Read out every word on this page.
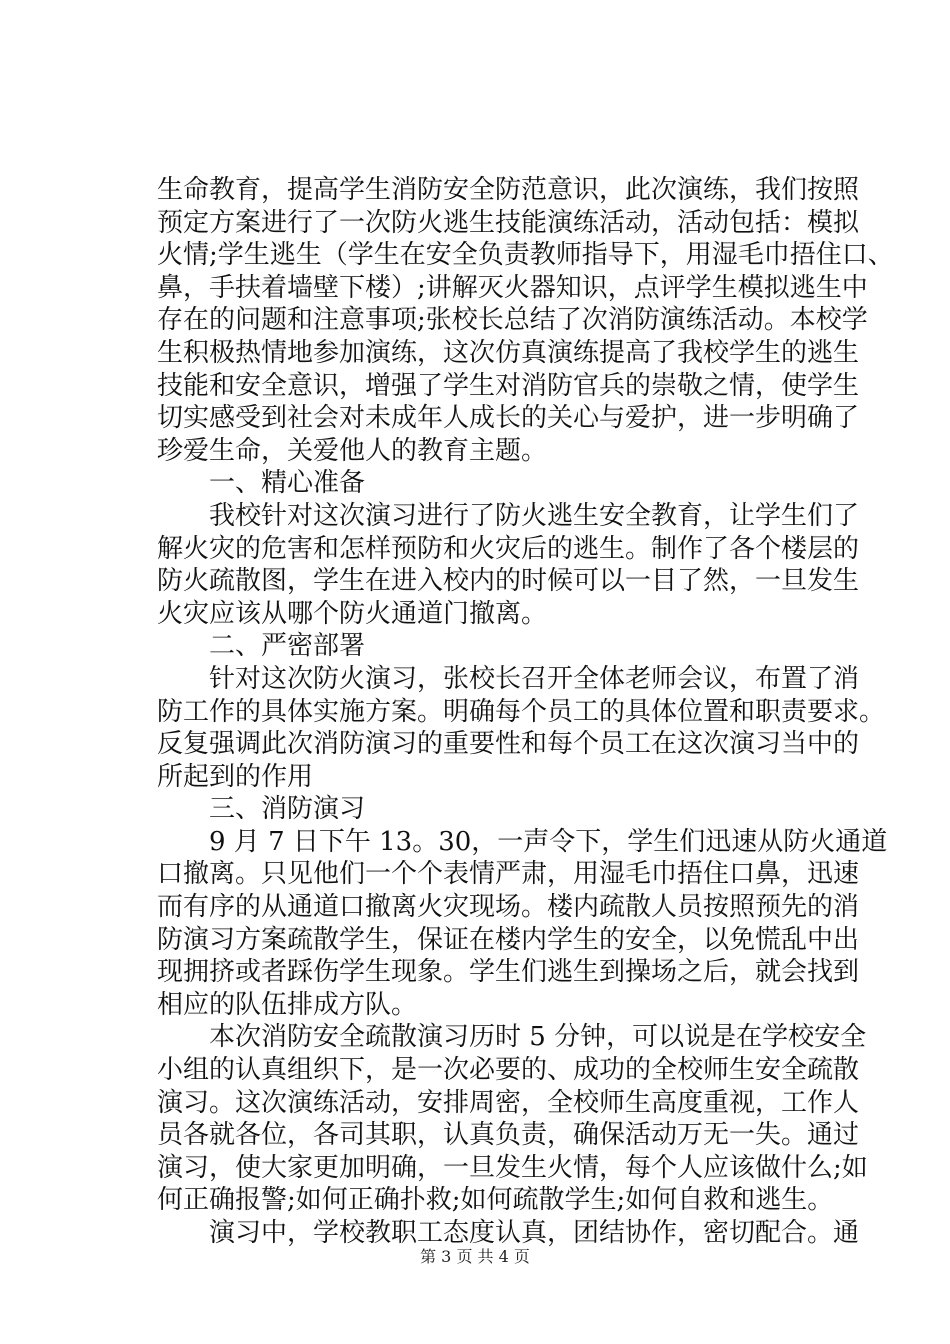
生命教育，提高学生消防安全防范意识，此次演练，我们按照
预定方案进行了一次防火逃生技能演练活动，活动包括：模拟
火情;学生逃生（学生在安全负责教师指导下，用湿毛巾捂住口、
鼻，手扶着墙壁下楼）;讲解灭火器知识，点评学生模拟逃生中
存在的问题和注意事项;张校长总结了次消防演练活动。本校学
生积极热情地参加演练，这次仿真演练提高了我校学生的逃生
技能和安全意识，增强了学生对消防官兵的崇敬之情，使学生
切实感受到社会对未成年人成长的关心与爱护，进一步明确了
珍爱生命，关爱他人的教育主题。
　　一、精心准备
　　我校针对这次演习进行了防火逃生安全教育，让学生们了
解火灾的危害和怎样预防和火灾后的逃生。制作了各个楼层的
防火疏散图，学生在进入校内的时候可以一目了然，一旦发生
火灾应该从哪个防火通道门撤离。
　　二、严密部署
　　针对这次防火演习，张校长召开全体老师会议，布置了消
防工作的具体实施方案。明确每个员工的具体位置和职责要求。
反复强调此次消防演习的重要性和每个员工在这次演习当中的
所起到的作用
　　三、消防演习
　　9 月 7 日下午 13。30，一声令下，学生们迅速从防火通道
口撤离。只见他们一个个表情严肃，用湿毛巾捂住口鼻，迅速
而有序的从通道口撤离火灾现场。楼内疏散人员按照预先的消
防演习方案疏散学生，保证在楼内学生的安全，以免慌乱中出
现拥挤或者踩伤学生现象。学生们逃生到操场之后，就会找到
相应的队伍排成方队。
　　本次消防安全疏散演习历时 5 分钟，可以说是在学校安全
小组的认真组织下，是一次必要的、成功的全校师生安全疏散
演习。这次演练活动，安排周密，全校师生高度重视，工作人
员各就各位，各司其职，认真负责，确保活动万无一失。通过
演习，使大家更加明确，一旦发生火情，每个人应该做什么;如
何正确报警;如何正确扑救;如何疏散学生;如何自救和逃生。
　　演习中，学校教职工态度认真，团结协作，密切配合。通
第 3 页 共 4 页
